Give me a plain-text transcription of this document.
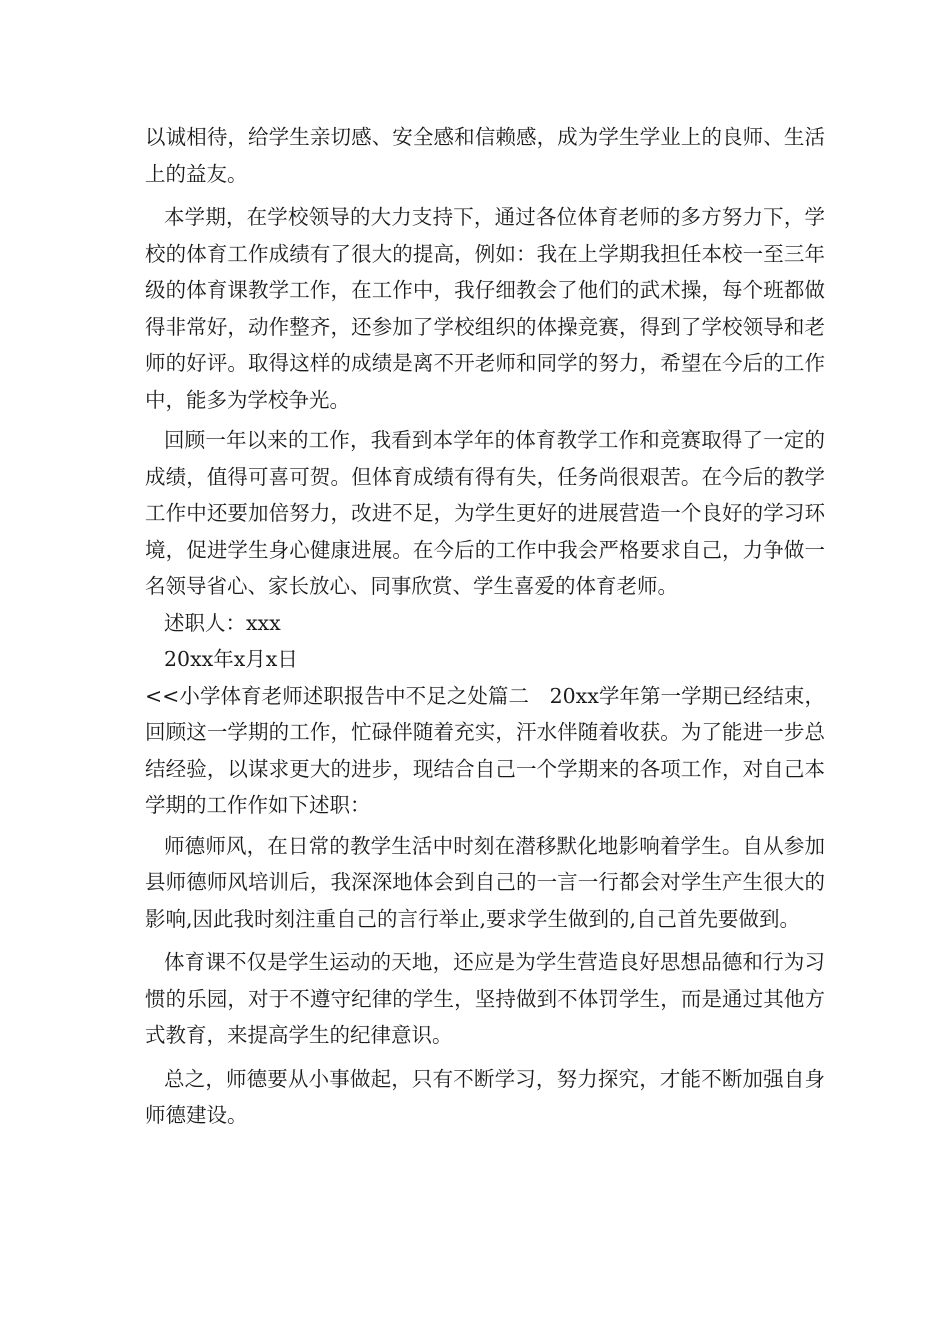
以诚相待，给学生亲切感、安全感和信赖感，成为学生学业上的良师、生活上的益友。

本学期，在学校领导的大力支持下，通过各位体育老师的多方努力下，学校的体育工作成绩有了很大的提高，例如：我在上学期我担任本校一至三年级的体育课教学工作，在工作中，我仔细教会了他们的武术操，每个班都做得非常好，动作整齐，还参加了学校组织的体操竞赛，得到了学校领导和老师的好评。取得这样的成绩是离不开老师和同学的努力，希望在今后的工作中，能多为学校争光。

回顾一年以来的工作，我看到本学年的体育教学工作和竞赛取得了一定的成绩，值得可喜可贺。但体育成绩有得有失，任务尚很艰苦。在今后的教学工作中还要加倍努力，改进不足，为学生更好的进展营造一个良好的学习环境，促进学生身心健康进展。在今后的工作中我会严格要求自己，力争做一名领导省心、家长放心、同事欣赏、学生喜爱的体育老师。

述职人：xxx

20xx年x月x日

<<小学体育老师述职报告中不足之处篇二　20xx学年第一学期已经结束，回顾这一学期的工作，忙碌伴随着充实，汗水伴随着收获。为了能进一步总结经验，以谋求更大的进步，现结合自己一个学期来的各项工作，对自己本学期的工作作如下述职：

师德师风，在日常的教学生活中时刻在潜移默化地影响着学生。自从参加县师德师风培训后，我深深地体会到自己的一言一行都会对学生产生很大的影响,因此我时刻注重自己的言行举止,要求学生做到的,自己首先要做到。

体育课不仅是学生运动的天地，还应是为学生营造良好思想品德和行为习惯的乐园，对于不遵守纪律的学生，坚持做到不体罚学生，而是通过其他方式教育，来提高学生的纪律意识。

总之，师德要从小事做起，只有不断学习，努力探究，才能不断加强自身师德建设。
